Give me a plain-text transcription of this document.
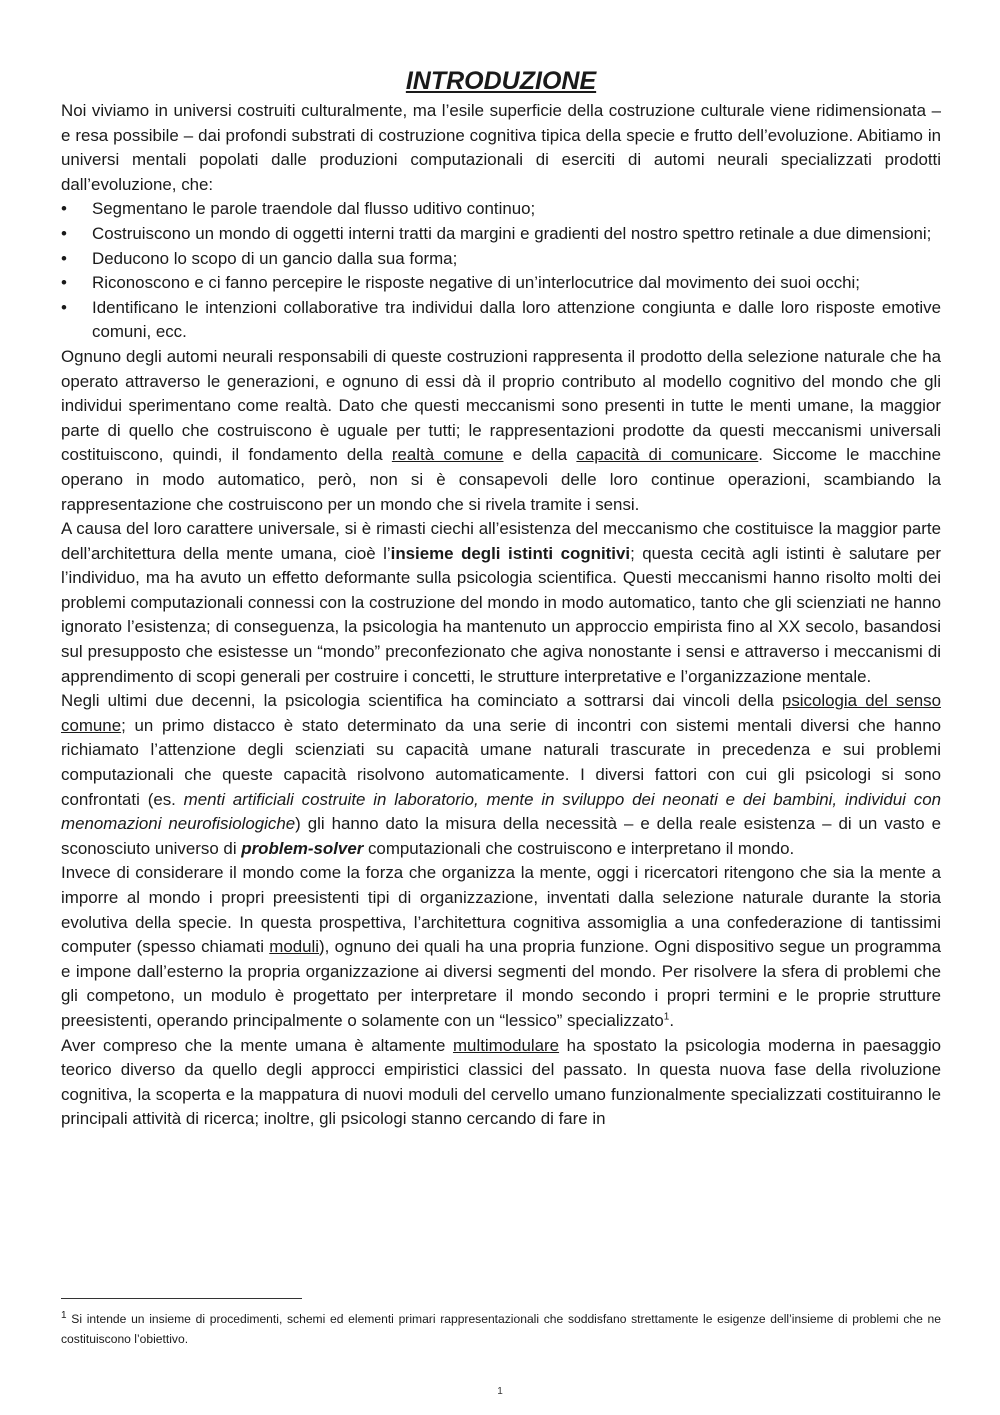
INTRODUZIONE

Noi viviamo in universi costruiti culturalmente, ma l’esile superficie della costruzione culturale viene ridimensionata – e resa possibile – dai profondi substrati di costruzione cognitiva tipica della specie e frutto dell’evoluzione. Abitiamo in universi mentali popolati dalle produzioni computazionali di eserciti di automi neurali specializzati prodotti dall’evoluzione, che:

• Segmentano le parole traendole dal flusso uditivo continuo;
• Costruiscono un mondo di oggetti interni tratti da margini e gradienti del nostro spettro retinale a due dimensioni;
• Deducono lo scopo di un gancio dalla sua forma;
• Riconoscono e ci fanno percepire le risposte negative di un’interlocutrice dal movimento dei suoi occhi;
• Identificano le intenzioni collaborative tra individui dalla loro attenzione congiunta e dalle loro risposte emotive comuni, ecc.

Ognuno degli automi neurali responsabili di queste costruzioni rappresenta il prodotto della selezione naturale che ha operato attraverso le generazioni, e ognuno di essi dà il proprio contributo al modello cognitivo del mondo che gli individui sperimentano come realtà. Dato che questi meccanismi sono presenti in tutte le menti umane, la maggior parte di quello che costruiscono è uguale per tutti; le rappresentazioni prodotte da questi meccanismi universali costituiscono, quindi, il fondamento della realtà comune e della capacità di comunicare. Siccome le macchine operano in modo automatico, però, non si è consapevoli delle loro continue operazioni, scambiando la rappresentazione che costruiscono per un mondo che si rivela tramite i sensi.

A causa del loro carattere universale, si è rimasti ciechi all’esistenza del meccanismo che costituisce la maggior parte dell’architettura della mente umana, cioè l’insieme degli istinti cognitivi; questa cecità agli istinti è salutare per l’individuo, ma ha avuto un effetto deformante sulla psicologia scientifica. Questi meccanismi hanno risolto molti dei problemi computazionali connessi con la costruzione del mondo in modo automatico, tanto che gli scienziati ne hanno ignorato l’esistenza; di conseguenza, la psicologia ha mantenuto un approccio empirista fino al XX secolo, basandosi sul presupposto che esistesse un “mondo” preconfezionato che agiva nonostante i sensi e attraverso i meccanismi di apprendimento di scopi generali per costruire i concetti, le strutture interpretative e l’organizzazione mentale.

Negli ultimi due decenni, la psicologia scientifica ha cominciato a sottrarsi dai vincoli della psicologia del senso comune; un primo distacco è stato determinato da una serie di incontri con sistemi mentali diversi che hanno richiamato l’attenzione degli scienziati su capacità umane naturali trascurate in precedenza e sui problemi computazionali che queste capacità risolvono automaticamente. I diversi fattori con cui gli psicologi si sono confrontati (es. menti artificiali costruite in laboratorio, mente in sviluppo dei neonati e dei bambini, individui con menomazioni neurofisiologiche) gli hanno dato la misura della necessità – e della reale esistenza – di un vasto e sconosciuto universo di problem-solver computazionali che costruiscono e interpretano il mondo.

Invece di considerare il mondo come la forza che organizza la mente, oggi i ricercatori ritengono che sia la mente a imporre al mondo i propri preesistenti tipi di organizzazione, inventati dalla selezione naturale durante la storia evolutiva della specie. In questa prospettiva, l’architettura cognitiva assomiglia a una confederazione di tantissimi computer (spesso chiamati moduli), ognuno dei quali ha una propria funzione. Ogni dispositivo segue un programma e impone dall’esterno la propria organizzazione ai diversi segmenti del mondo. Per risolvere la sfera di problemi che gli competono, un modulo è progettato per interpretare il mondo secondo i propri termini e le proprie strutture preesistenti, operando principalmente o solamente con un “lessico” specializzato$^1$.

Aver compreso che la mente umana è altamente multimodulare ha spostato la psicologia moderna in paesaggio teorico diverso da quello degli approcci empiristici classici del passato. In questa nuova fase della rivoluzione cognitiva, la scoperta e la mappatura di nuovi moduli del cervello umano funzionalmente specializzati costituiranno le principali attività di ricerca; inoltre, gli psicologi stanno cercando di fare in

$^1$ Si intende un insieme di procedimenti, schemi ed elementi primari rappresentazionali che soddisfano strettamente le esigenze dell’insieme di problemi che ne costituiscono l’obiettivo.
1
